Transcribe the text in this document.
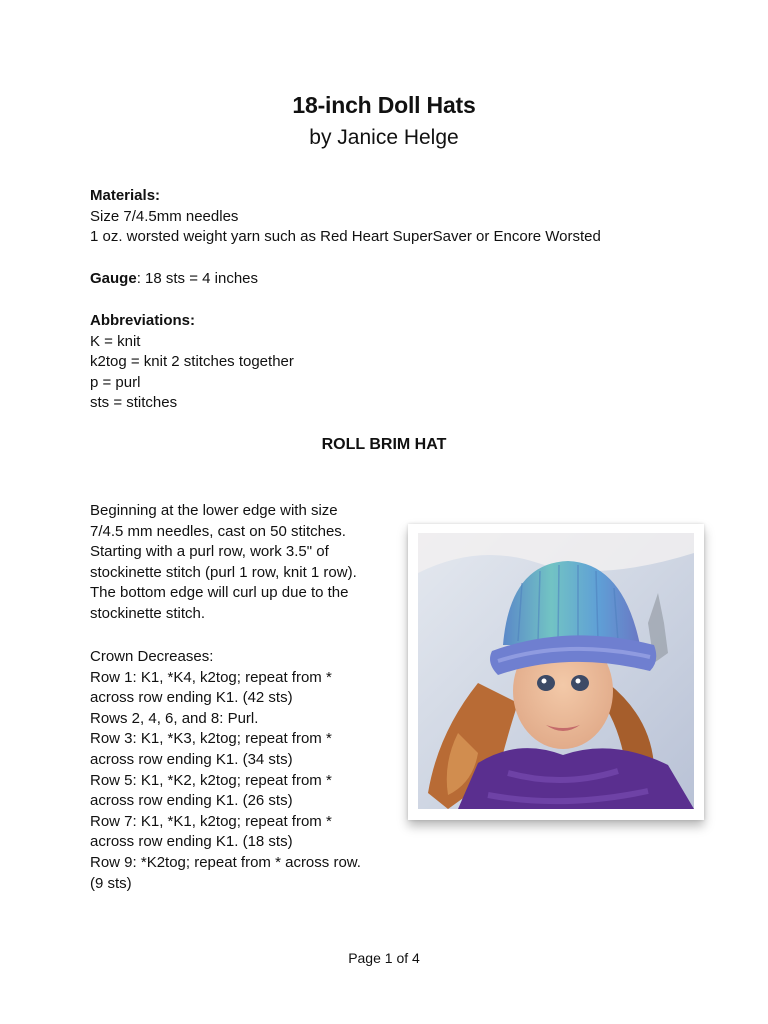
18-inch Doll Hats
by Janice Helge
Materials:
Size 7/4.5mm needles
1 oz. worsted weight yarn such as Red Heart SuperSaver or Encore Worsted
Gauge: 18 sts = 4 inches
Abbreviations:
K = knit
k2tog = knit 2 stitches together
p = purl
sts = stitches
ROLL BRIM HAT
Beginning at the lower edge with size
7/4.5 mm needles, cast on 50 stitches.
Starting with a purl row, work 3.5" of
stockinette stitch (purl 1 row, knit 1 row).
The bottom edge will curl up due to the
stockinette stitch.
Crown Decreases:
Row 1: K1, *K4, k2tog; repeat from *
across row ending K1. (42 sts)
Rows 2, 4, 6, and 8: Purl.
Row 3: K1, *K3, k2tog; repeat from *
across row ending K1. (34 sts)
Row 5: K1, *K2, k2tog; repeat from *
across row ending K1. (26 sts)
Row 7: K1, *K1, k2tog; repeat from *
across row ending K1. (18 sts)
Row 9: *K2tog; repeat from * across row.
(9 sts)
Page 1 of 4
